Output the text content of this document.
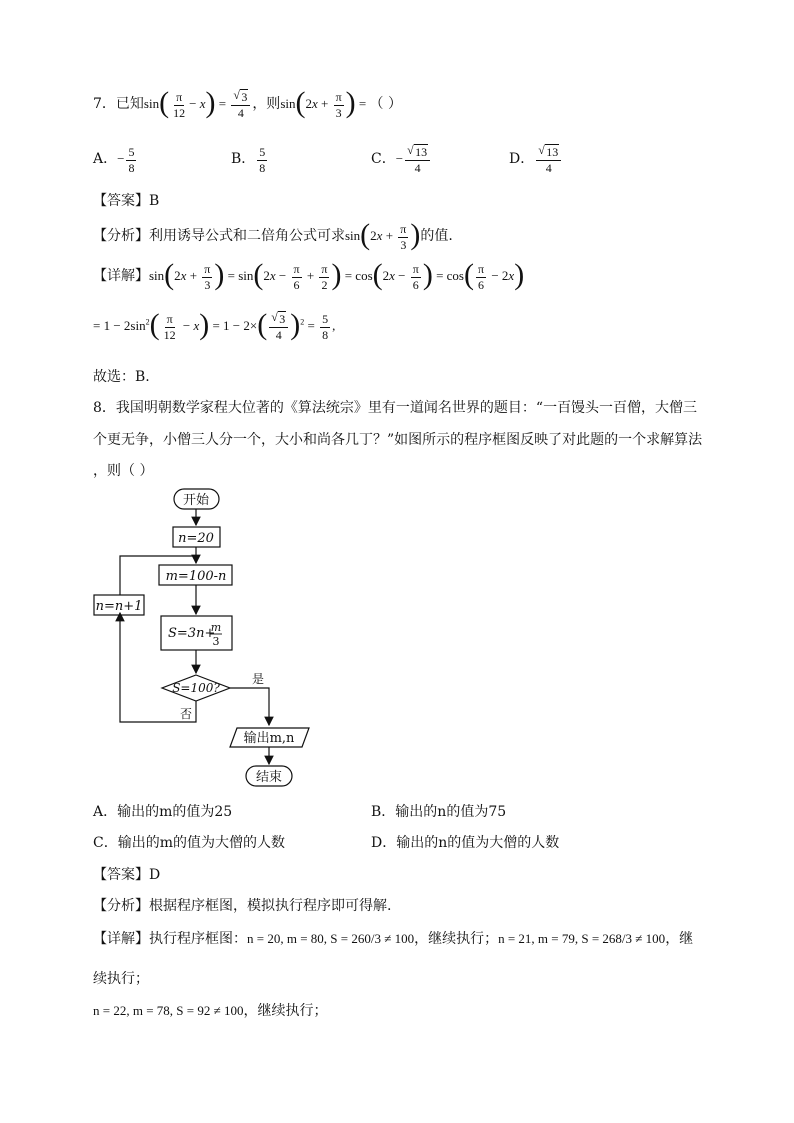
7．已知$\sin( \frac{\pi}{12} - x) = \frac{√ 3}{4}$ ，则$\sin(2x + \frac{\pi}{3}$ ) = （ ）
A．− $\frac{5}{8}$	B． $\frac{5}{8}$	C．− $\frac{√ 13}{4}$	D． $\frac{√ 13}{4}$
【答案】B
【分析】利用诱导公式和二倍角公式可求$\sin(2x + \frac{\pi}{3}$ )的值.
【详解】$\sin(2x + \frac{\pi}{3}$ ) = $\sin(2x - \frac{\pi}{6} + \frac{\pi}{2}$ ) = $\cos(2x - \frac{\pi}{6}$ ) = $\cos( \frac{\pi}{6} - 2x)$
= $1 - 2\sin^2( \frac{\pi}{12} - x) = 1 - 2\times( \frac{√ 3}{4} )^2 = \frac{5}{8}$ ,
故选：B.
8．我国明朝数学家程大位著的《算法统宗》里有一道闻名世界的题目：“一百馒头一百僧，大僧三
个更无争，小僧三人分一个，大小和尚各几丁？”如图所示的程序框图反映了对此题的一个求解算法
，则（ ）
开始
n=20
m=100-n
S=3n+
m
3
S=100?
是
否
n=n+1
输出m,n
结束
A．输出的m的值为25	B．输出的n的值为75
C．输出的m的值为大僧的人数	D．输出的n的值为大僧的人数
【答案】D
【分析】根据程序框图，模拟执行程序即可得解.
【详解】执行程序框图：n = 20, m = 80, S = 260/3 ≠ 100，继续执行；n = 21, m = 79, S = 268/3 ≠ 100，继
续执行；
n = 22, m = 78, S = 92 ≠ 100，继续执行；
